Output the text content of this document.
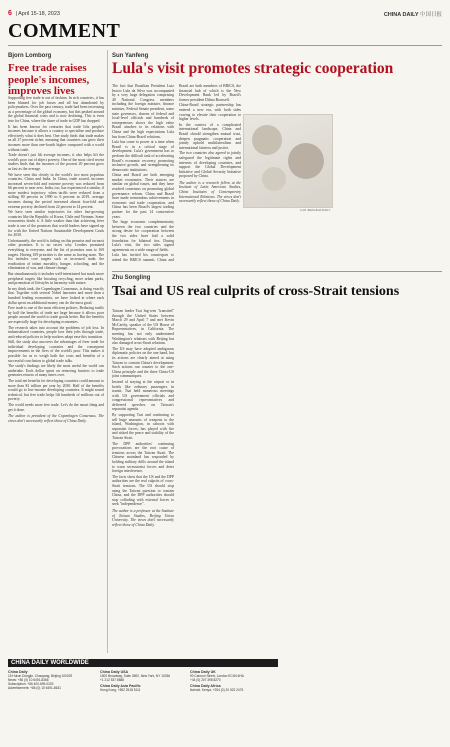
6 | April 15-18, 2023	CHINA DAILY 中国日报
COMMENT
Bjorn Lomborg
Free trade raises people's incomes, improves lives

Supporting free trade is out of fashion. In rich countries, it has been blamed for job losses and all but abandoned by policymakers. Over the past century, trade had been increasing as a percentage of the global economy, but this peaked around the global financial crisis and is now declining. This is even true for China, where the share of trade in GDP has dropped.

It has been known for centuries that trade lifts people's incomes because it allows a country to specialize and produce effectively what it does best. One study finds that trade makes us all 27 percent richer, meaning that countries can grow their incomes more than one-fourth higher compared with a world without trade.

Trade doesn't just lift average incomes, it also helps lift the world's poor out of abject poverty. One of the most cited recent studies finds that the incomes of the poorest 20 percent grow as fast as the average.

We have seen this clearly in the world's two most populous countries, China and India. In China, trade soared, incomes increased seven-fold and extreme poverty was reduced from 66 percent to near zero. India, too, has experienced a similar, if more modest trajectory: when tariffs were reduced from a stifling 80 percent in 1990 to 6 percent in 2019, average incomes during the period increased almost four-fold and extreme poverty declined from 22 percent to 14 percent.

We have seen similar trajectories for other fast-growing countries like the Republic of Korea, Chile and Vietnam. Some economists doubt it. A little weaker than that achieving freer trade is one of the promises that world leaders have signed up for with the United Nations Sustainable Development Goals for 2030.

Unfortunately, the world is failing on this promise and on most other promises. It is no secret why. Leaders promised everything to everyone, and the list of promises runs to 169 targets. Having 169 priorities is the same as having none. The list includes core targets such as increased trade, the eradication of infant mortality, hunger, schooling, and the elimination of war, and climate change.

But simultaneously it includes well-intentioned but much more peripheral targets like boosting recycling, more urban parks, and promotion of lifestyles in harmony with nature.

In my think tank, the Copenhagen Consensus, is doing exactly that. Together with several Nobel laureates and more than a hundred leading economists, we have looked at where each dollar spent on additional money can do the most good.

Free trade is one of the most efficient policies. Reducing tariffs by half the benefits of trade are large because it allows poor people around the world to trade goods better. But the benefits are especially large for developing economies.

The research takes into account the problems of job loss. In industrialized countries, people lose their jobs through trade, and reduced policies to help workers adapt ease this transition.

Still, the study also uncovers the advantages of freer trade for individual developing countries and the consequent improvements in the lives of the world's poor. This makes it possible for us to weigh both the costs and benefits of a successful conclusion to global trade talks.

The study's findings are likely the most useful the world can undertake. Each dollar spent on removing barriers to trade generates returns of many times over.

The total net benefits for developing countries could amount to more than $1 trillion per year by 2030. Half of the benefits would go to low-income developing countries. It might sound technical, but free trade helps lift hundreds of millions out of poverty.

The world needs more free trade. Let's do the smart thing and get it done.

The author is president of the Copenhagen Consensus. The views don't necessarily reflect those of China Daily.

Sun Yanfeng
Lula's visit promotes strategic cooperation

The fact that Brazilian President Luiz Inacio Lula da Silva was accompanied by a very large delegation comprising 40 National Congress members including the foreign minister, finance minister, Federal Senate president, some state governors, dozens of federal and local-level officials and hundreds of entrepreneurs shows the high value Brazil attaches to its relations with China and the high expectations Lula has from China-Brazil relations.

Lula has come to power at a time when Brazil is in a critical stage of development. Lula's government has to perform the difficult task of accelerating Brazil's economic recovery, promoting inclusive growth, and strengthening its democratic institutions.

China and Brazil are both emerging market economies. Their stances are similar on global issues, and they have reached consensus on promoting global governance reform. China and Brazil have made tremendous achievements in economic and trade cooperation, and China has been Brazil's largest trading partner for the past 14 consecutive years.

The huge economic complementarity between the two countries and the strong desire for cooperation between the two sides have laid a solid foundation for bilateral ties. During Lula's visit, the two sides signed agreements on a wide range of fields.

Lula has invited his counterpart to attend the BRICS summit. China and Brazil are both members of BRICS, the financial hub of which is the New Development Bank led by Brazil's former president Dilma Rousseff.

China-Brazil strategic partnership has entered a new era, with both sides vowing to elevate their cooperation to higher levels.

In the context of a complicated international landscape, China and Brazil should strengthen mutual trust, deepen pragmatic cooperation and jointly uphold multilateralism and international fairness and justice.

The two countries also agreed to jointly safeguard the legitimate rights and interests of developing countries, and support the Global Development Initiative and Global Security Initiative proposed by China.

The author is a research fellow at the Institute of Latin American Studies, China Institutes of Contemporary International Relations. The views don't necessarily reflect those of China Daily.

LUO JIE/CHINA DAILY
Zhu Songling
Tsai and US real culprits of cross-Strait tensions

Taiwan leader Tsai Ing-wen "transited" through the United States between March 29 and April 7 and met Kevin McCarthy, speaker of the US House of Representatives, in California. The meeting has not only undermined Washington's relations with Beijing but also damaged cross-Strait relations.

The US may have adopted ambiguous diplomatic policies on the one hand, but its actions are clearly aimed at using Taiwan to contain China's development. Such actions run counter to the one-China principle and the three China-US joint communiques.

Instead of staying at the airport or in hotels like ordinary passengers in transit, Tsai held numerous meetings with US government officials and congressional representatives and delivered speeches on Taiwan's separatist agenda.

By supporting Tsai and continuing to sell huge amounts of weapons to the island, Washington, in cahoots with separatist forces, has played with fire and risked the peace and stability of the Taiwan Strait.

The DPP authorities' continuing provocations are the root cause of tensions across the Taiwan Strait. The Chinese mainland has responded by holding military drills around the island to warn secessionist forces and deter foreign interference.

The facts show that the US and the DPP authorities are the real culprits of cross-Strait tensions. The US should stop using the Taiwan question to contain China, and the DPP authorities should stop colluding with external forces to seek "independence".

The author is a professor at the Institute of Taiwan Studies, Beijing Union University. The views don't necessarily reflect those of China Daily.

CHINA DAILY WORLDWIDE
China Daily
15 Huixin Dongjie, Chaoyang, Beijing 100029
News: +86 (0) 10 6491-8366
Subscription: +86 400-699-0203
Advertisement: +86 (0) 10 6491-8631
China Daily USA
1500 Broadway, Suite 2800, New York, NY 10036
+1 212 537 8888
China Daily Asia Pacific
Hong Kong, +852 2518 5111
China Daily UK
90 Cannon Street, London EC4N 6HA
+44 (0) 207 398 8270
China Daily Africa
Nairobi, Kenya, +254 (0) 20 522 2475
